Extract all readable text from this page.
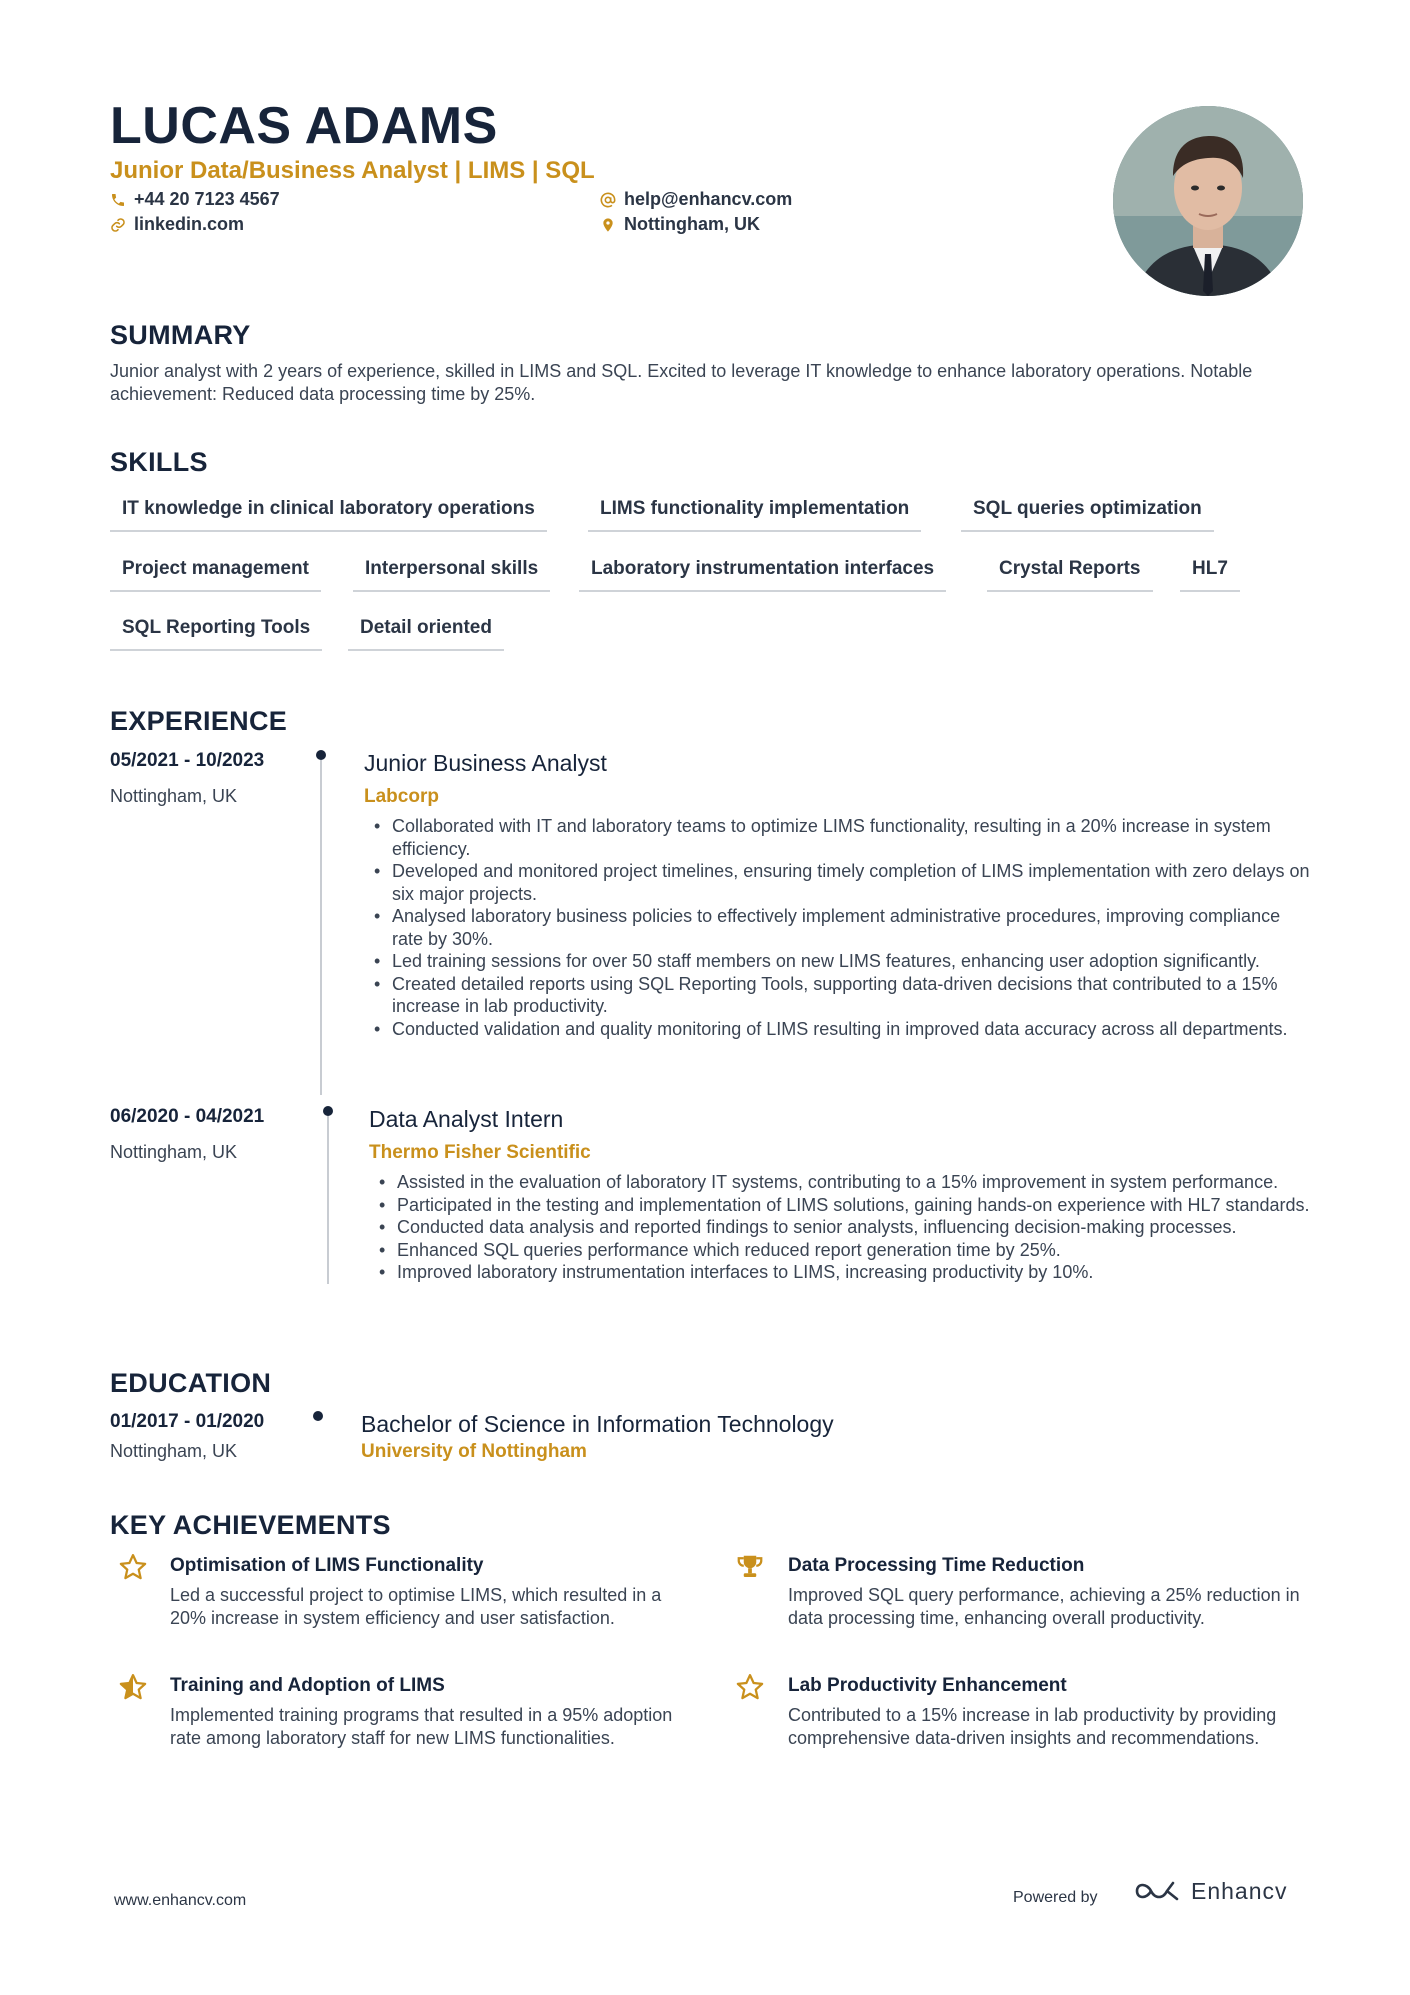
LUCAS ADAMS
Junior Data/Business Analyst | LIMS | SQL
+44 20 7123 4567	help@enhancv.com
linkedin.com	Nottingham, UK
SUMMARY
Junior analyst with 2 years of experience, skilled in LIMS and SQL. Excited to leverage IT knowledge to enhance laboratory operations. Notable achievement: Reduced data processing time by 25%.
SKILLS
IT knowledge in clinical laboratory operations	LIMS functionality implementation	SQL queries optimization
Project management	Interpersonal skills	Laboratory instrumentation interfaces	Crystal Reports	HL7
SQL Reporting Tools	Detail oriented
EXPERIENCE
05/2021 - 10/2023
Nottingham, UK
Junior Business Analyst
Labcorp
• Collaborated with IT and laboratory teams to optimize LIMS functionality, resulting in a 20% increase in system efficiency.
• Developed and monitored project timelines, ensuring timely completion of LIMS implementation with zero delays on six major projects.
• Analysed laboratory business policies to effectively implement administrative procedures, improving compliance rate by 30%.
• Led training sessions for over 50 staff members on new LIMS features, enhancing user adoption significantly.
• Created detailed reports using SQL Reporting Tools, supporting data-driven decisions that contributed to a 15% increase in lab productivity.
• Conducted validation and quality monitoring of LIMS resulting in improved data accuracy across all departments.
06/2020 - 04/2021
Nottingham, UK
Data Analyst Intern
Thermo Fisher Scientific
• Assisted in the evaluation of laboratory IT systems, contributing to a 15% improvement in system performance.
• Participated in the testing and implementation of LIMS solutions, gaining hands-on experience with HL7 standards.
• Conducted data analysis and reported findings to senior analysts, influencing decision-making processes.
• Enhanced SQL queries performance which reduced report generation time by 25%.
• Improved laboratory instrumentation interfaces to LIMS, increasing productivity by 10%.
EDUCATION
01/2017 - 01/2020
Nottingham, UK
Bachelor of Science in Information Technology
University of Nottingham
KEY ACHIEVEMENTS
Optimisation of LIMS Functionality
Led a successful project to optimise LIMS, which resulted in a 20% increase in system efficiency and user satisfaction.
Data Processing Time Reduction
Improved SQL query performance, achieving a 25% reduction in data processing time, enhancing overall productivity.
Training and Adoption of LIMS
Implemented training programs that resulted in a 95% adoption rate among laboratory staff for new LIMS functionalities.
Lab Productivity Enhancement
Contributed to a 15% increase in lab productivity by providing comprehensive data-driven insights and recommendations.
www.enhancv.com	Powered by	Enhancv
